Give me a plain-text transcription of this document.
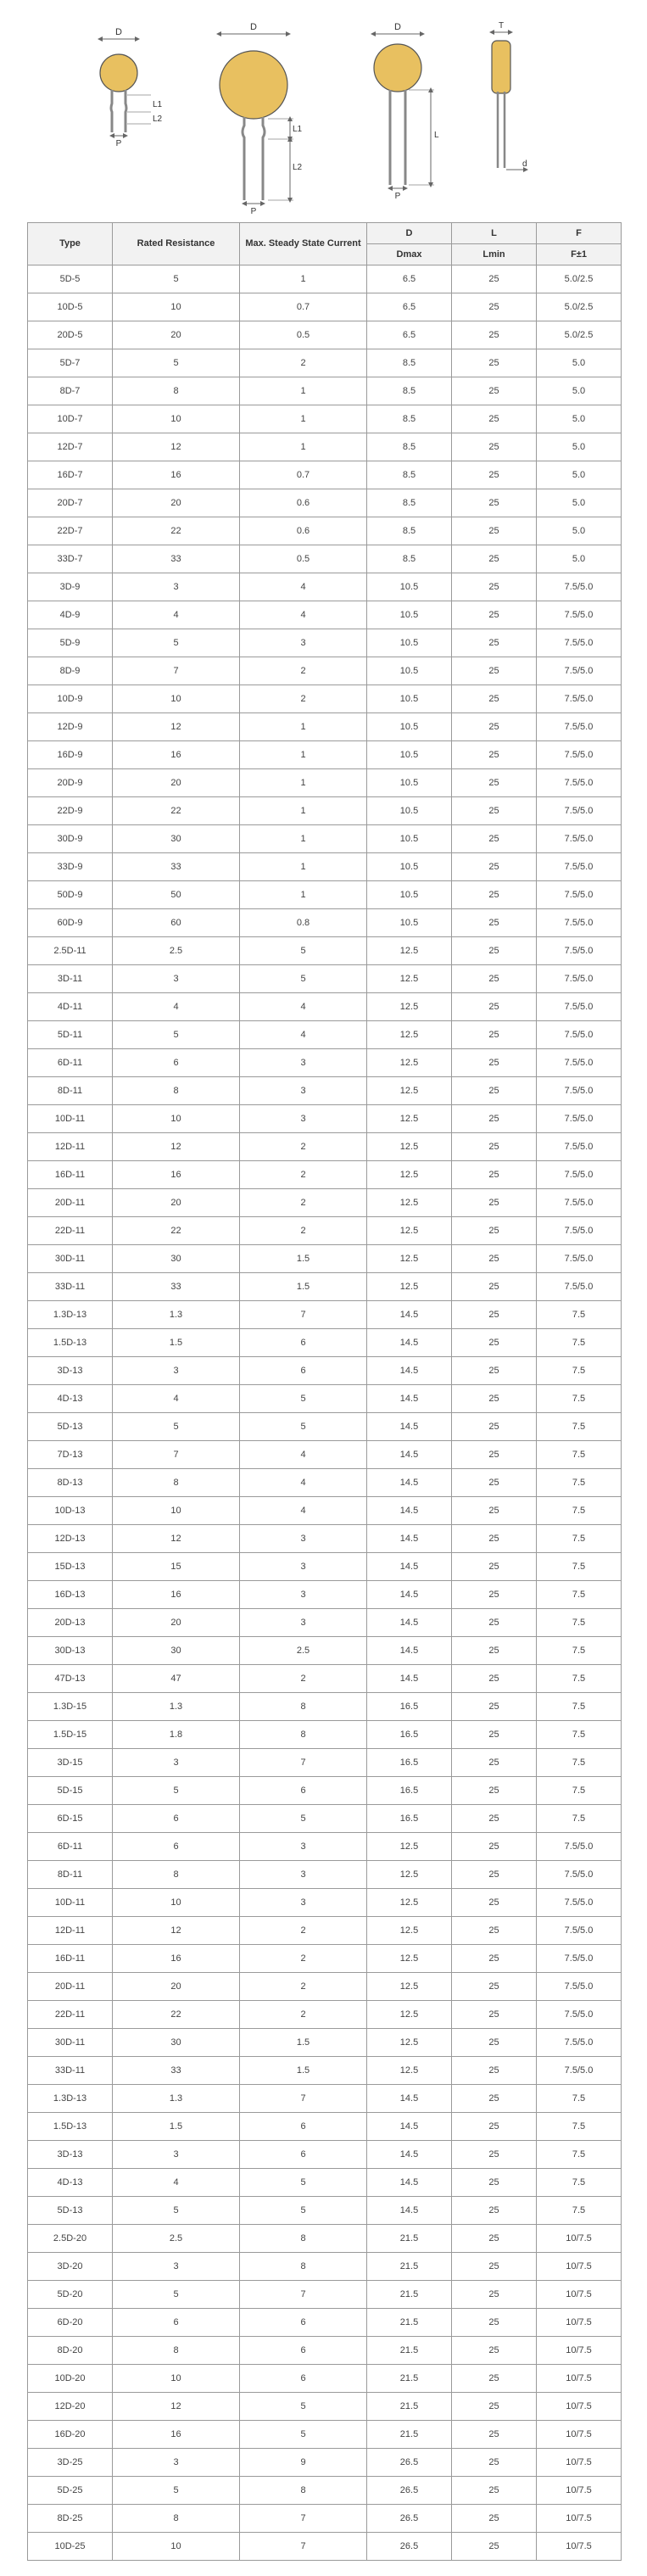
D
L1
L2
P
D
L1
L2
P
D
L
P
T
d
Type	Rated Resistance	Max. Steady State Current	D	L	F
			Dmax	Lmin	F±1
5D-5	5	1	6.5	25	5.0/2.5
10D-5	10	0.7	6.5	25	5.0/2.5
20D-5	20	0.5	6.5	25	5.0/2.5
5D-7	5	2	8.5	25	5.0
8D-7	8	1	8.5	25	5.0
10D-7	10	1	8.5	25	5.0
12D-7	12	1	8.5	25	5.0
16D-7	16	0.7	8.5	25	5.0
20D-7	20	0.6	8.5	25	5.0
22D-7	22	0.6	8.5	25	5.0
33D-7	33	0.5	8.5	25	5.0
3D-9	3	4	10.5	25	7.5/5.0
4D-9	4	4	10.5	25	7.5/5.0
5D-9	5	3	10.5	25	7.5/5.0
8D-9	7	2	10.5	25	7.5/5.0
10D-9	10	2	10.5	25	7.5/5.0
12D-9	12	1	10.5	25	7.5/5.0
16D-9	16	1	10.5	25	7.5/5.0
20D-9	20	1	10.5	25	7.5/5.0
22D-9	22	1	10.5	25	7.5/5.0
30D-9	30	1	10.5	25	7.5/5.0
33D-9	33	1	10.5	25	7.5/5.0
50D-9	50	1	10.5	25	7.5/5.0
60D-9	60	0.8	10.5	25	7.5/5.0
2.5D-11	2.5	5	12.5	25	7.5/5.0
3D-11	3	5	12.5	25	7.5/5.0
4D-11	4	4	12.5	25	7.5/5.0
5D-11	5	4	12.5	25	7.5/5.0
6D-11	6	3	12.5	25	7.5/5.0
8D-11	8	3	12.5	25	7.5/5.0
10D-11	10	3	12.5	25	7.5/5.0
12D-11	12	2	12.5	25	7.5/5.0
16D-11	16	2	12.5	25	7.5/5.0
20D-11	20	2	12.5	25	7.5/5.0
22D-11	22	2	12.5	25	7.5/5.0
30D-11	30	1.5	12.5	25	7.5/5.0
33D-11	33	1.5	12.5	25	7.5/5.0
1.3D-13	1.3	7	14.5	25	7.5
1.5D-13	1.5	6	14.5	25	7.5
3D-13	3	6	14.5	25	7.5
4D-13	4	5	14.5	25	7.5
5D-13	5	5	14.5	25	7.5
7D-13	7	4	14.5	25	7.5
8D-13	8	4	14.5	25	7.5
10D-13	10	4	14.5	25	7.5
12D-13	12	3	14.5	25	7.5
15D-13	15	3	14.5	25	7.5
16D-13	16	3	14.5	25	7.5
20D-13	20	3	14.5	25	7.5
30D-13	30	2.5	14.5	25	7.5
47D-13	47	2	14.5	25	7.5
1.3D-15	1.3	8	16.5	25	7.5
1.5D-15	1.8	8	16.5	25	7.5
3D-15	3	7	16.5	25	7.5
5D-15	5	6	16.5	25	7.5
6D-15	6	5	16.5	25	7.5
6D-11	6	3	12.5	25	7.5/5.0
8D-11	8	3	12.5	25	7.5/5.0
10D-11	10	3	12.5	25	7.5/5.0
12D-11	12	2	12.5	25	7.5/5.0
16D-11	16	2	12.5	25	7.5/5.0
20D-11	20	2	12.5	25	7.5/5.0
22D-11	22	2	12.5	25	7.5/5.0
30D-11	30	1.5	12.5	25	7.5/5.0
33D-11	33	1.5	12.5	25	7.5/5.0
1.3D-13	1.3	7	14.5	25	7.5
1.5D-13	1.5	6	14.5	25	7.5
3D-13	3	6	14.5	25	7.5
4D-13	4	5	14.5	25	7.5
5D-13	5	5	14.5	25	7.5
2.5D-20	2.5	8	21.5	25	10/7.5
3D-20	3	8	21.5	25	10/7.5
5D-20	5	7	21.5	25	10/7.5
6D-20	6	6	21.5	25	10/7.5
8D-20	8	6	21.5	25	10/7.5
10D-20	10	6	21.5	25	10/7.5
12D-20	12	5	21.5	25	10/7.5
16D-20	16	5	21.5	25	10/7.5
3D-25	3	9	26.5	25	10/7.5
5D-25	5	8	26.5	25	10/7.5
8D-25	8	7	26.5	25	10/7.5
10D-25	10	7	26.5	25	10/7.5
